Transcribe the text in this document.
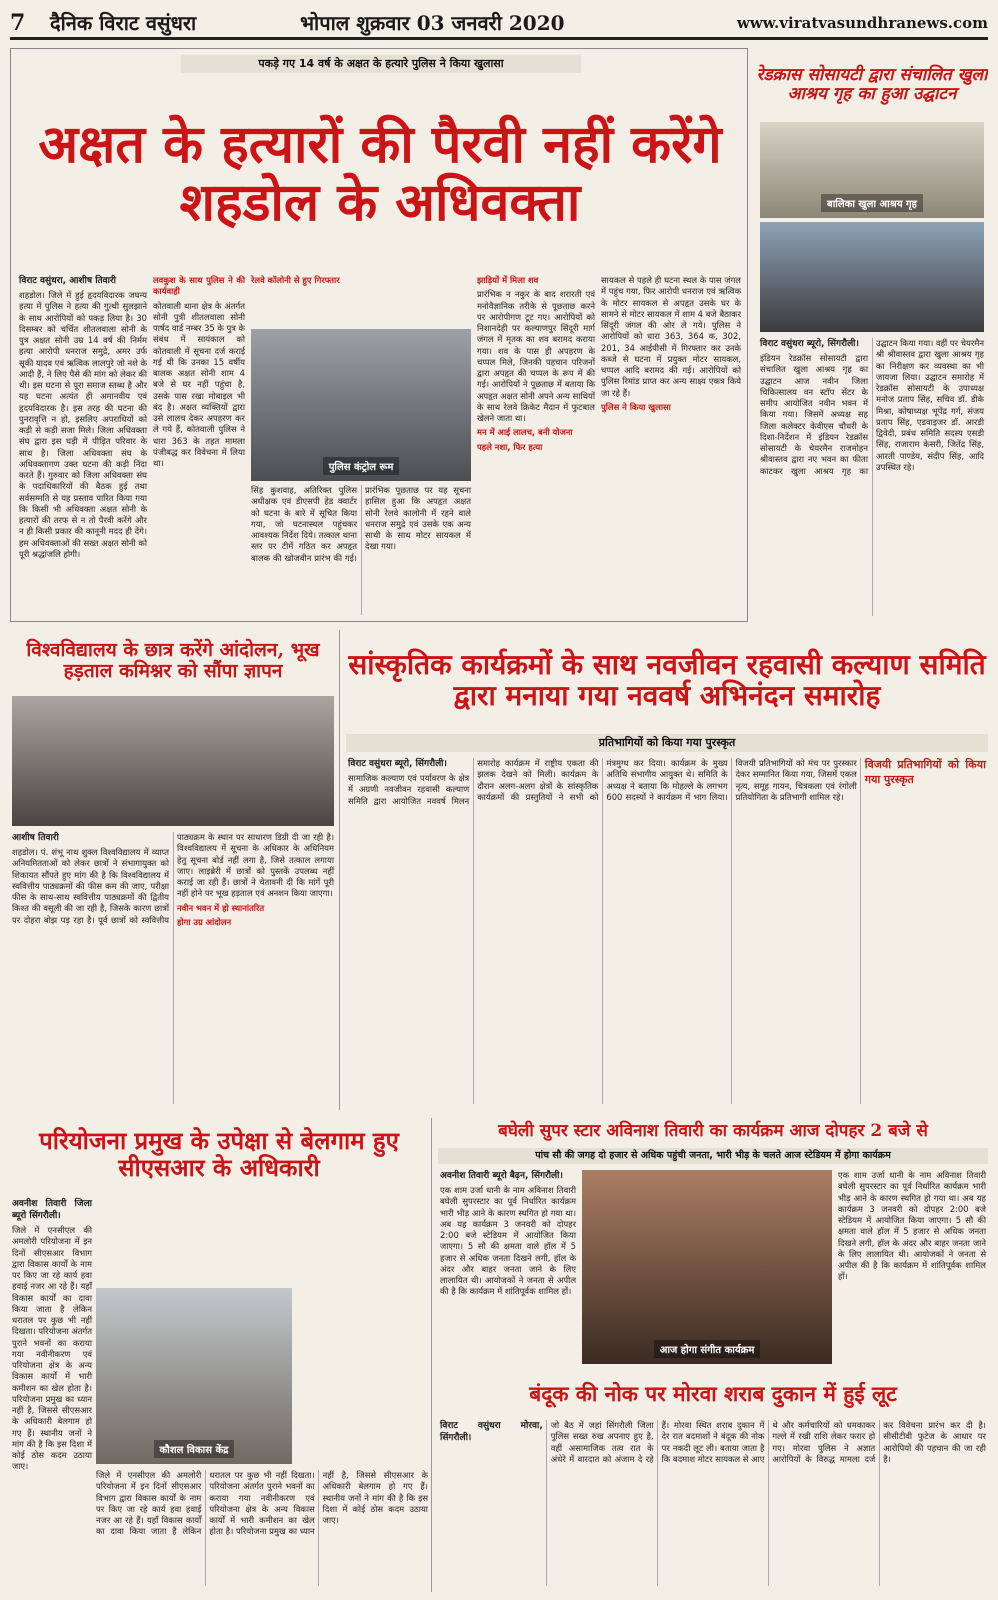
7	दैनिक विराट वसुंधरा	भोपाल शुक्रवार 03 जनवरी 2020	www.viratvasundhranews.com
पकड़े गए 14 वर्ष के अक्षत के हत्यारे पुलिस ने किया खुलासा
अक्षत के हत्यारों की पैरवी नहीं करेंगे शहडोल के अधिवक्ता

विराट वसुंधरा, आशीष तिवारी

शहडोल। जिले में हुई हृदयविदारक जघन्य हत्या में पुलिस ने हत्या की गुत्थी सुलझाने के साथ आरोपियों को पकड़ लिया है। 30 दिसम्बर को चर्चित शीतलवाला सोनी के पुत्र अक्षत सोनी उम्र 14 वर्ष की निर्मम हत्या आरोपी धनराज समुद्रे, अमर उर्फ सूकी यादव एवं ऋत्विक लालपुरे जो नशे के आदी हैं, ने लिए पैसे की मांग को लेकर की थी। इस घटना से पूरा समाज स्तब्ध है और यह घटना अत्यंत ही अमानवीय एवं हृदयविदारक है। इस तरह की घटना की पुनरावृत्ति न हो, इसलिए अपराधियों को कड़ी से कड़ी सजा मिले। जिला अधिवक्ता संघ द्वारा इस घड़ी में पीड़ित परिवार के साथ है। जिला अधिवक्ता संघ के अधिवक्तागण उक्त घटना की कड़ी निंदा करते हैं। गुरुवार को जिला अधिवक्ता संघ के पदाधिकारियों की बैठक हुई तथा सर्वसम्मति से यह प्रस्ताव पारित किया गया कि किसी भी अधिवक्ता अक्षत सोनी के हत्यारों की तरफ से न तो पैरवी करेंगे और न ही किसी प्रकार की कानूनी मदद ही देंगे। हम अधिवक्ताओं की सख्त अक्षत सोनी को पूरी श्रद्धांजलि होगी।

लवकुश के साथ पुलिस ने की कार्यवाही

कोतवाली थाना क्षेत्र के अंतर्गत सोनी पुत्री शीतलवाला सोनी पार्षद वार्ड नम्बर 35 के पुत्र के संबंध में सायंकाल को कोतवाली में सूचना दर्ज कराई गई थी कि उनका 15 वर्षीय बालक अक्षत सोनी शाम 4 बजे से घर नहीं पहुंचा है, उसके पास रखा मोबाइल भी बंद है। अक्षत व्यक्तियों द्वारा उसे लालच देकर अपहरण कर ले गये हैं, कोतवाली पुलिस ने धारा 363 के तहत मामला पंजीबद्ध कर विवेचना में लिया था।	पुलिस कंट्रोल रूम

रेलवे कॉलोनी से हुए गिरफ्तार

सिंह कुशवाह, अतिरिक्त पुलिस अधीक्षक एवं डीएसपी हेड क्वार्टर को घटना के बारे में सूचित किया गया, जो घटनास्थल पहुंचकर आवश्यक निर्देश दिये। तत्काल थाना स्तर पर टीमें गठित कर अपहृत बालक की खोजबीन प्रारंभ की गई। प्रारंभिक पूछताछ पर यह सूचना हासिल हुआ कि अपहृत अक्षत सोनी रेलवे कालोनी में रहने वाले धनराज समुद्रे एवं उसके एक अन्य साथी के साथ मोटर सायकल में देखा गया।

झाड़ियों में मिला शव

प्रारंभिक न नकुर के बाद शरारती एवं मनोवैज्ञानिक तरीके से पूछताछ करने पर आरोपीगण टूट गए। आरोपियों को निशानदेही पर कल्याणपुर सिंदूरी मार्ग जंगल में मृतक का शव बरामद कराया गया। शव के पास ही अपहरण के चप्पल मिले, जिनकी पहचान परिजनों द्वारा अपहृत की चप्पल के रूप में की गई। आरोपियों ने पूछताछ में बताया कि अपहृत अक्षत सोनी अपने अन्य साथियों के साथ रेलवे क्रिकेट मैदान में फुटबाल खेलने जाता था।

मन में आई लालच, बनी योजना

पहले नशा, फिर हत्या

सायकल से पहले ही घटना स्थल के पास जंगल में पहुंच गया, फिर आरोपी धनराज एवं ऋत्विक के मोटर सायकल से अपहृत उसके घर के सामने से मोटर सायकल में शाम 4 बजे बैठाकर सिंदूरी जंगल की ओर ले गये। पुलिस ने आरोपियों को धारा 363, 364 क, 302, 201, 34 आईपीसी में गिरफ्तार कर उनके कब्जे से घटना में प्रयुक्त मोटर सायकल, चप्पल आदि बरामद की गई। आरोपियों को पुलिस रिमांड प्राप्त कर अन्य साक्ष्य एकत्र किये जा रहे हैं।

पुलिस ने किया खुलासा

रेडक्रास सोसायटी द्वारा संचालित खुला आश्रय गृह का हुआ उद्घाटन
बालिका खुला आश्रय गृह

विराट वसुंधरा ब्यूरो, सिंगरौली।

इंडियन रेडक्रॉस सोसायटी द्वारा संचालित खुला आश्रय गृह का उद्घाटन आज नवीन जिला चिकित्सालय वन स्टॉप सेंटर के समीप आयोजित नवीन भवन में किया गया। जिसमें अध्यक्ष सह जिला कलेक्टर केवीएस चौधरी के दिशा-निर्देशन में इंडियन रेडक्रॉस सोसायटी के चेयरमैन राजमोहन श्रीवास्तव द्वारा नए भवन का फीता काटकर खुला आश्रय गृह का उद्घाटन किया गया। वहीं पर चेयरमैन श्री श्रीवास्तव द्वारा खुला आश्रय गृह का निरीक्षण कर व्यवस्था का भी जायजा लिया। उद्घाटन समारोह में रेडक्रॉस सोसायटी के उपाध्यक्ष मनोज प्रताप सिंह, सचिव डॉ. डीके मिश्रा, कोषाध्यक्ष भूपेंद्र गर्ग, संजय प्रताप सिंह, एडवाइजर डॉ. आरडी द्विवेदी, प्रबंध समिति सदस्य एसडी सिंह, राजाराम केसरी, जितेंद्र सिंह, आरती पाण्डेय, संदीप सिंह, आदि उपस्थित रहे।

विश्वविद्यालय के छात्र करेंगे आंदोलन, भूख हड़ताल कमिश्नर को सौंपा ज्ञापन

आशीष तिवारी

शहडोल। पं. शंभू नाथ शुक्ल विश्वविद्यालय में व्याप्त अनियमितताओं को लेकर छात्रों ने संभागायुक्त को शिकायत सौंपते हुए मांग की है कि विश्वविद्यालय में स्ववित्तीय पाठ्यक्रमों की फीस कम की जाए, परीक्षा फीस के साथ-साथ स्ववित्तीय पाठ्यक्रमों की द्वितीय किश्त की वसूली की जा रही है, जिसके कारण छात्रों पर दोहरा बोझ पड़ रहा है। पूर्व छात्रों को स्ववित्तीय पाठ्यक्रम के स्थान पर साधारण डिग्री दी जा रही है। विश्वविद्यालय में सूचना के अधिकार के अधिनियम हेतु सूचना बोर्ड नहीं लगा है, जिसे तत्काल लगाया जाए। लाइब्रेरी में छात्रों को पुस्तकें उपलब्ध नहीं कराई जा रही हैं। छात्रों ने चेतावनी दी कि मांगें पूरी नहीं होने पर भूख हड़ताल एवं अनशन किया जाएगा।

नवीन भवन में हो स्थानांतरित

होगा उग्र आंदोलन

सांस्कृतिक कार्यक्रमों के साथ नवजीवन रहवासी कल्याण समिति द्वारा मनाया गया नववर्ष अभिनंदन समारोह
प्रतिभागियों को किया गया पुरस्कृत

विराट वसुंधरा ब्यूरो, सिंगरौली।

सामाजिक कल्याण एवं पर्यावरण के क्षेत्र में अग्रणी नवजीवन रहवासी कल्याण समिति द्वारा आयोजित नववर्ष मिलन समारोह कार्यक्रम में राष्ट्रीय एकता की झलक देखने को मिली। कार्यक्रम के दौरान अलग-अलग क्षेत्रों के सांस्कृतिक कार्यक्रमों की प्रस्तुतियों ने सभी को मंत्रमुग्ध कर दिया। कार्यक्रम के मुख्य अतिथि संभागीय आयुक्त थे। समिति के अध्यक्ष ने बताया कि मोहल्ले के लगभग 600 सदस्यों ने कार्यक्रम में भाग लिया। विजयी प्रतिभागियों को मंच पर पुरस्कार देकर सम्मानित किया गया, जिसमें एकल नृत्य, समूह गायन, चित्रकला एवं रंगोली प्रतियोगिता के प्रतिभागी शामिल रहे।

विजयी प्रतिभागियों को किया गया पुरस्कृत

परियोजना प्रमुख के उपेक्षा से बेलगाम हुए सीएसआर के अधिकारी
कौशल विकास केंद्र

अवनीश तिवारी जिला ब्यूरो सिंगरौली।

जिले में एनसीएल की अमलोरी परियोजना में इन दिनों सीएसआर विभाग द्वारा विकास कार्यों के नाम पर किए जा रहे कार्य हवा हवाई नजर आ रहे हैं। यहाँ विकास कार्यों का दावा किया जाता है लेकिन धरातल पर कुछ भी नहीं दिखता। परियोजना अंतर्गत पुराने भवनों का कराया गया नवीनीकरण एवं परियोजना क्षेत्र के अन्य विकास कार्यों में भारी कमीशन का खेल होता है। परियोजना प्रमुख का ध्यान नहीं है, जिससे सीएसआर के अधिकारी बेलगाम हो गए हैं। स्थानीय जनों ने मांग की है कि इस दिशा में कोई ठोस कदम उठाया जाए।

जिले में एनसीएल की अमलोरी परियोजना में इन दिनों सीएसआर विभाग द्वारा विकास कार्यों के नाम पर किए जा रहे कार्य हवा हवाई नजर आ रहे हैं। यहाँ विकास कार्यों का दावा किया जाता है लेकिन धरातल पर कुछ भी नहीं दिखता। परियोजना अंतर्गत पुराने भवनों का कराया गया नवीनीकरण एवं परियोजना क्षेत्र के अन्य विकास कार्यों में भारी कमीशन का खेल होता है। परियोजना प्रमुख का ध्यान नहीं है, जिससे सीएसआर के अधिकारी बेलगाम हो गए हैं। स्थानीय जनों ने मांग की है कि इस दिशा में कोई ठोस कदम उठाया जाए।

बघेली सुपर स्टार अविनाश तिवारी का कार्यक्रम आज दोपहर 2 बजे से
पांच सौ की जगह दो हजार से अधिक पहुंची जनता, भारी भीड़ के चलते आज स्टेडियम में होगा कार्यक्रम
आज होगा संगीत कार्यक्रम

अवनीश तिवारी ब्यूरो बैढ़न, सिंगरौली।

एक शाम उर्जा धानी के नाम अविनाश तिवारी बघेली सुपरस्टार का पूर्व निर्धारित कार्यक्रम भारी भीड़ आने के कारण स्थगित हो गया था। अब यह कार्यक्रम 3 जनवरी को दोपहर 2:00 बजे स्टेडियम में आयोजित किया जाएगा। 5 सौ की क्षमता वाले हॉल में 5 हजार से अधिक जनता दिखने लगी, हॉल के अंदर और बाहर जनता जाने के लिए लालायित थी। आयोजकों ने जनता से अपील की है कि कार्यक्रम में शांतिपूर्वक शामिल हों।

एक शाम उर्जा धानी के नाम अविनाश तिवारी बघेली सुपरस्टार का पूर्व निर्धारित कार्यक्रम भारी भीड़ आने के कारण स्थगित हो गया था। अब यह कार्यक्रम 3 जनवरी को दोपहर 2:00 बजे स्टेडियम में आयोजित किया जाएगा। 5 सौ की क्षमता वाले हॉल में 5 हजार से अधिक जनता दिखने लगी, हॉल के अंदर और बाहर जनता जाने के लिए लालायित थी। आयोजकों ने जनता से अपील की है कि कार्यक्रम में शांतिपूर्वक शामिल हों।

बंदूक की नोक पर मोरवा शराब दुकान में हुई लूट

विराट वसुंधरा मोरवा, सिंगरौली।

जो बैठ में जहां सिंगरौली जिला पुलिस सख्त रुख अपनाए हुए है, वहीं असामाजिक तत्व रात के अंधेरे में वारदात को अंजाम दे रहे हैं। मोरवा स्थित शराब दुकान में देर रात बदमाशों ने बंदूक की नोक पर नकदी लूट ली। बताया जाता है कि बदमाश मोटर सायकल से आए थे और कर्मचारियों को धमकाकर गल्ले में रखी राशि लेकर फरार हो गए। मोरवा पुलिस ने अज्ञात आरोपियों के विरुद्ध मामला दर्ज कर विवेचना प्रारंभ कर दी है। सीसीटीवी फुटेज के आधार पर आरोपियों की पहचान की जा रही है।
